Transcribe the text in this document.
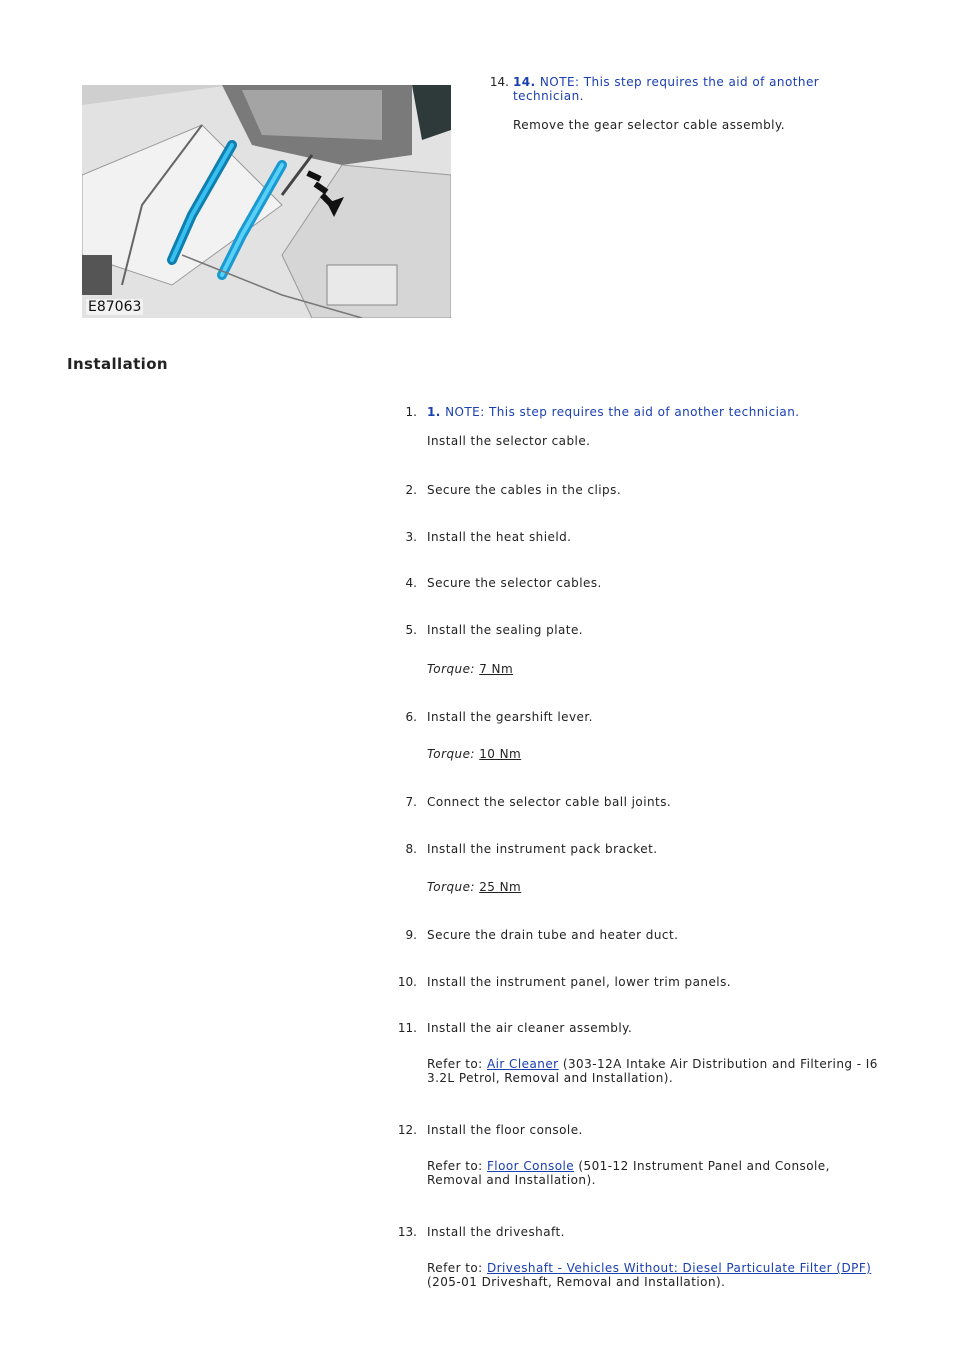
E87063
14. 14. NOTE: This step requires the aid of another technician.
Remove the gear selector cable assembly.
Installation
1. 1. NOTE: This step requires the aid of another technician.
Install the selector cable.
2. Secure the cables in the clips.
3. Install the heat shield.
4. Secure the selector cables.
5. Install the sealing plate.
Torque: 7 Nm
6. Install the gearshift lever.
Torque: 10 Nm
7. Connect the selector cable ball joints.
8. Install the instrument pack bracket.
Torque: 25 Nm
9. Secure the drain tube and heater duct.
10. Install the instrument panel, lower trim panels.
11. Install the air cleaner assembly.
Refer to: Air Cleaner (303-12A Intake Air Distribution and Filtering - I6 3.2L Petrol, Removal and Installation).
12. Install the floor console.
Refer to: Floor Console (501-12 Instrument Panel and Console, Removal and Installation).
13. Install the driveshaft.
Refer to: Driveshaft - Vehicles Without: Diesel Particulate Filter (DPF) (205-01 Driveshaft, Removal and Installation).
